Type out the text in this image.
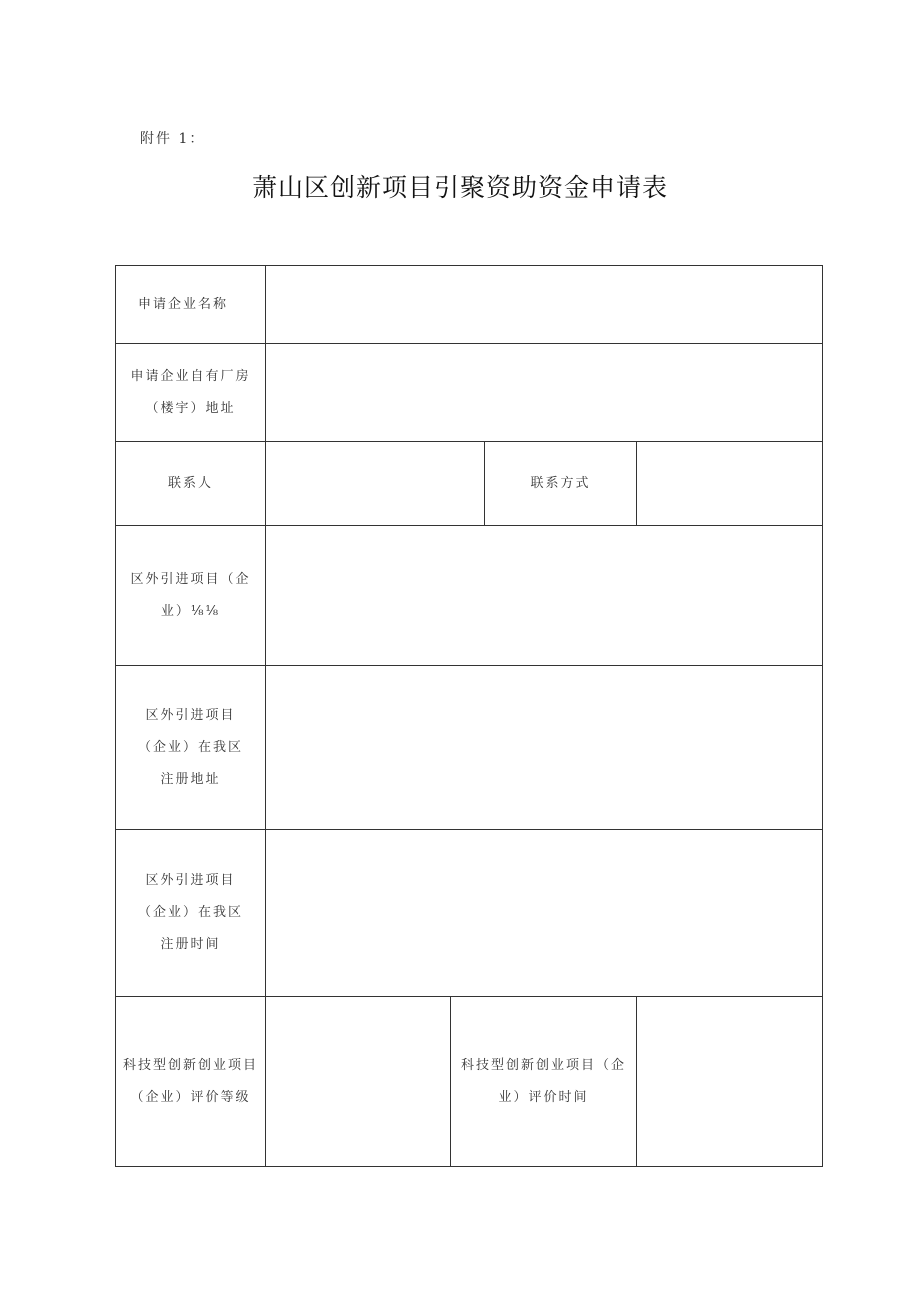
附件 1：
萧山区创新项目引聚资助资金申请表
申请企业名称
申请企业自有厂房
（楼宇）地址
联系人	联系方式
区外引进项目（企
业）⅛⅛
区外引进项目
（企业）在我区
注册地址
区外引进项目
（企业）在我区
注册时间
科技型创新创业项目
（企业）评价等级
科技型创新创业项目（企
业）评价时间
